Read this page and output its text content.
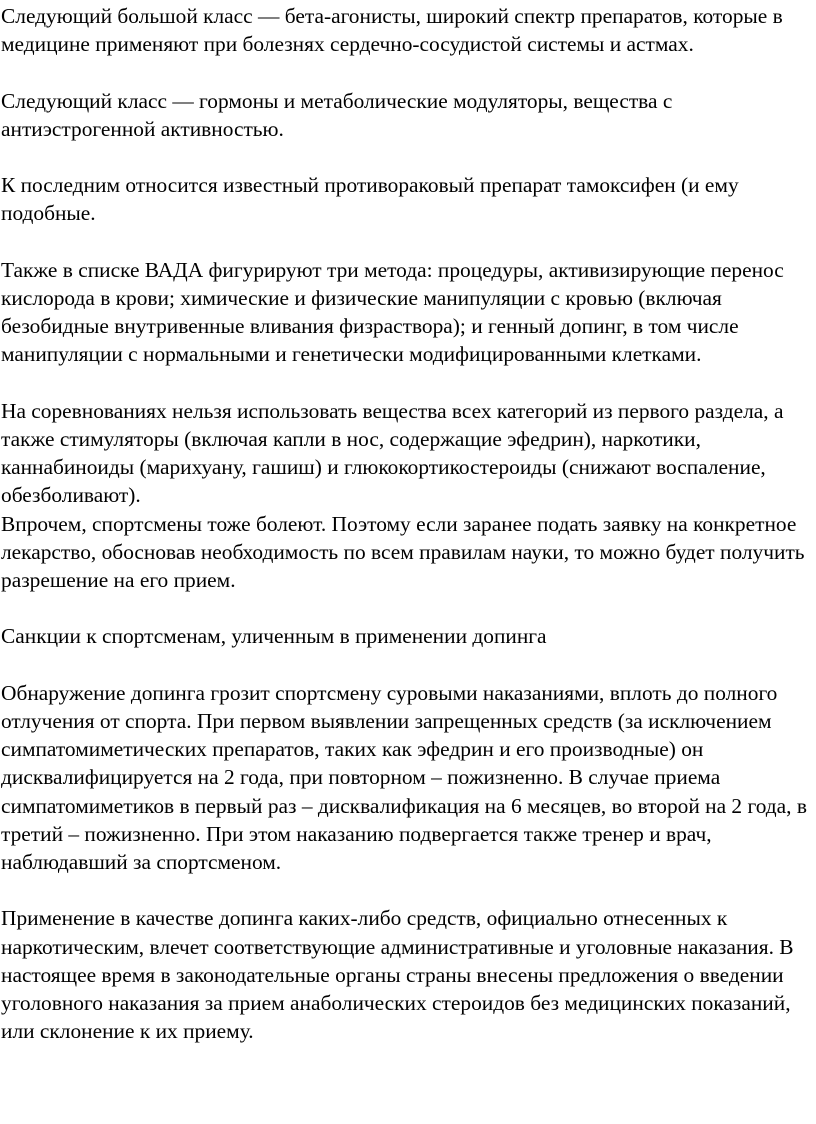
Следующий большой класс — бета-агонисты, широкий спектр препаратов, которые в медицине применяют при болезнях сердечно-сосудистой системы и астмах.

Следующий класс — гормоны и метаболические модуляторы, вещества с антиэстрогенной активностью.

К последним относится известный противораковый препарат тамоксифен (и ему подобные.

Также в списке ВАДА фигурируют три метода: процедуры, активизирующие перенос кислорода в крови; химические и физические манипуляции с кровью (включая безобидные внутривенные вливания физраствора); и генный допинг, в том числе манипуляции с нормальными и генетически модифицированными клетками.

На соревнованиях нельзя использовать вещества всех категорий из первого раздела, а также стимуляторы (включая капли в нос, содержащие эфедрин), наркотики, каннабиноиды (марихуану, гашиш) и глюкокортикостероиды (снижают воспаление, обезболивают).

Впрочем, спортсмены тоже болеют. Поэтому если заранее подать заявку на конкретное лекарство, обосновав необходимость по всем правилам науки, то можно будет получить разрешение на его прием.

Санкции к спортсменам, уличенным в применении допинга

Обнаружение допинга грозит спортсмену суровыми наказаниями, вплоть до полного отлучения от спорта. При первом выявлении запрещенных средств (за исключением симпатомиметических препаратов, таких как эфедрин и его производные) он дисквалифицируется на 2 года, при повторном – пожизненно. В случае приема симпатомиметиков в первый раз – дисквалификация на 6 месяцев, во второй на 2 года, в третий – пожизненно. При этом наказанию подвергается также тренер и врач, наблюдавший за спортсменом.

Применение в качестве допинга каких-либо средств, официально отнесенных к наркотическим, влечет соответствующие административные и уголовные наказания. В настоящее время в законодательные органы страны внесены предложения о введении уголовного наказания за прием анаболических стероидов без медицинских показаний, или склонение к их приему.
